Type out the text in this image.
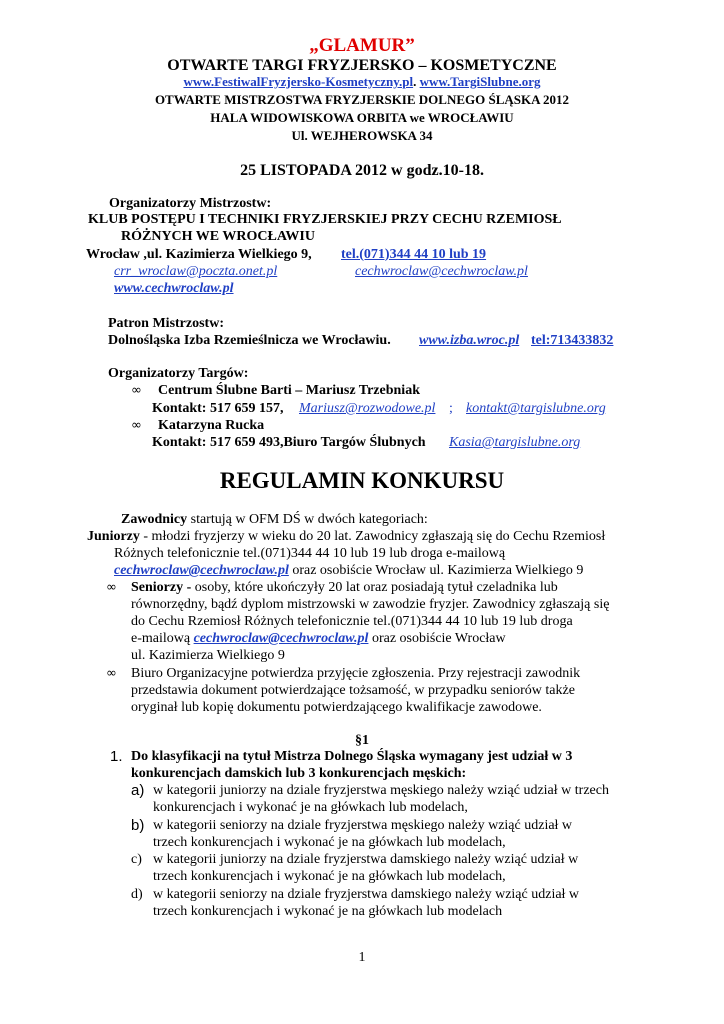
„GLAMUR”
OTWARTE TARGI FRYZJERSKO – KOSMETYCZNE
www.FestiwalFryzjersko-Kosmetyczny.pl. www.TargiSlubne.org
OTWARTE MISTRZOSTWA FRYZJERSKIE DOLNEGO ŚLĄSKA 2012
HALA WIDOWISKOWA ORBITA we WROCŁAWIU
Ul. WEJHEROWSKA 34
25 LISTOPADA 2012 w godz.10-18.
Organizatorzy Mistrzostw:
KLUB POSTĘPU I TECHNIKI FRYZJERSKIEJ PRZY CECHU RZEMIOSŁ
RÓŻNYCH WE WROCŁAWIU
Wrocław ,ul. Kazimierza Wielkiego 9, tel.(071)344 44 10 lub 19
crr_wroclaw@poczta.onet.pl	cechwroclaw@cechwroclaw.pl
www.cechwroclaw.pl
Patron Mistrzostw:
Dolnośląska Izba Rzemieślnicza we Wrocławiu. www.izba.wroc.pl tel:713433832
Organizatorzy Targów:
∞ Centrum Ślubne Barti – Mariusz Trzebniak
Kontakt: 517 659 157, Mariusz@rozwodowe.pl ; kontakt@targislubne.org
∞ Katarzyna Rucka
Kontakt: 517 659 493,Biuro Targów Ślubnych Kasia@targislubne.org
REGULAMIN KONKURSU
Zawodnicy startują w OFM DŚ w dwóch kategoriach:
Juniorzy - młodzi fryzjerzy w wieku do 20 lat. Zawodnicy zgłaszają się do Cechu Rzemiosł
Różnych telefonicznie tel.(071)344 44 10 lub 19 lub droga e-mailową
cechwroclaw@cechwroclaw.pl oraz osobiście Wrocław ul. Kazimierza Wielkiego 9
∞ Seniorzy - osoby, które ukończyły 20 lat oraz posiadają tytuł czeladnika lub
równorzędny, bądź dyplom mistrzowski w zawodzie fryzjer. Zawodnicy zgłaszają się
do Cechu Rzemiosł Różnych telefonicznie tel.(071)344 44 10 lub 19 lub droga
e-mailową cechwroclaw@cechwroclaw.pl oraz osobiście Wrocław
ul. Kazimierza Wielkiego 9
∞ Biuro Organizacyjne potwierdza przyjęcie zgłoszenia. Przy rejestracji zawodnik
przedstawia dokument potwierdzające tożsamość, w przypadku seniorów także
oryginał lub kopię dokumentu potwierdzającego kwalifikacje zawodowe.
§1
1. Do klasyfikacji na tytuł Mistrza Dolnego Śląska wymagany jest udział w 3
konkurencjach damskich lub 3 konkurencjach męskich:
a) w kategorii juniorzy na dziale fryzjerstwa męskiego należy wziąć udział w trzech
konkurencjach i wykonać je na główkach lub modelach,
b) w kategorii seniorzy na dziale fryzjerstwa męskiego należy wziąć udział w
trzech konkurencjach i wykonać je na główkach lub modelach,
c) w kategorii juniorzy na dziale fryzjerstwa damskiego należy wziąć udział w
trzech konkurencjach i wykonać je na główkach lub modelach,
d) w kategorii seniorzy na dziale fryzjerstwa damskiego należy wziąć udział w
trzech konkurencjach i wykonać je na główkach lub modelach
1
